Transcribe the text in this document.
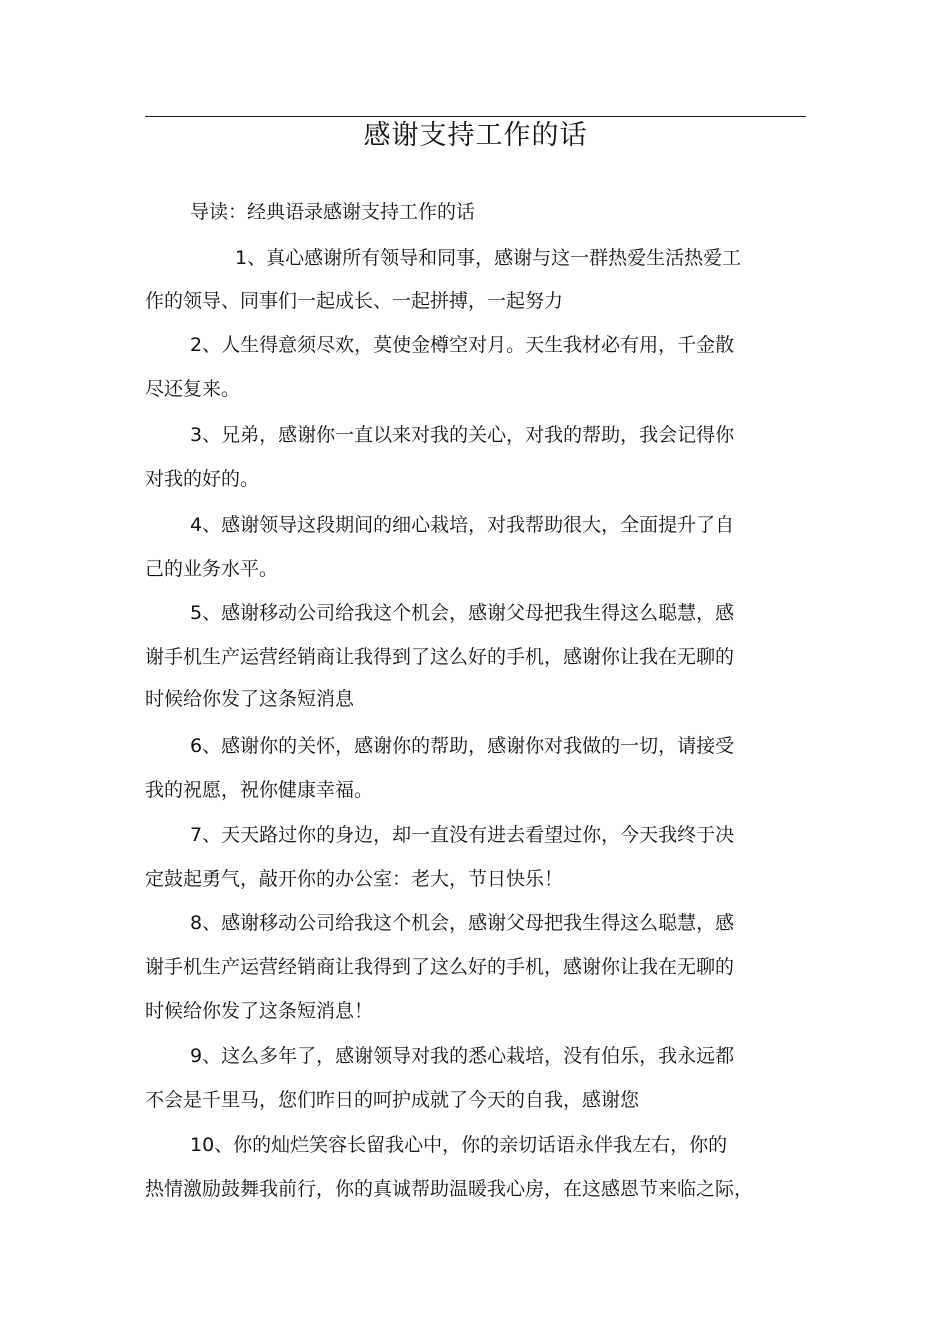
感谢支持工作的话
导读：经典语录感谢支持工作的话
1、真心感谢所有领导和同事，感谢与这一群热爱生活热爱工
作的领导、同事们一起成长、一起拼搏，一起努力
2、人生得意须尽欢，莫使金樽空对月。天生我材必有用，千金散
尽还复来。
3、兄弟，感谢你一直以来对我的关心，对我的帮助，我会记得你
对我的好的。
4、感谢领导这段期间的细心栽培，对我帮助很大，全面提升了自
己的业务水平。
5、感谢移动公司给我这个机会，感谢父母把我生得这么聪慧，感
谢手机生产运营经销商让我得到了这么好的手机，感谢你让我在无聊的
时候给你发了这条短消息
6、感谢你的关怀，感谢你的帮助，感谢你对我做的一切，请接受
我的祝愿，祝你健康幸福。
7、天天路过你的身边，却一直没有进去看望过你，今天我终于决
定鼓起勇气，敲开你的办公室：老大，节日快乐！
8、感谢移动公司给我这个机会，感谢父母把我生得这么聪慧，感
谢手机生产运营经销商让我得到了这么好的手机，感谢你让我在无聊的
时候给你发了这条短消息！
9、这么多年了，感谢领导对我的悉心栽培，没有伯乐，我永远都
不会是千里马，您们昨日的呵护成就了今天的自我，感谢您
10、你的灿烂笑容长留我心中，你的亲切话语永伴我左右，你的
热情激励鼓舞我前行，你的真诚帮助温暖我心房，在这感恩节来临之际，
